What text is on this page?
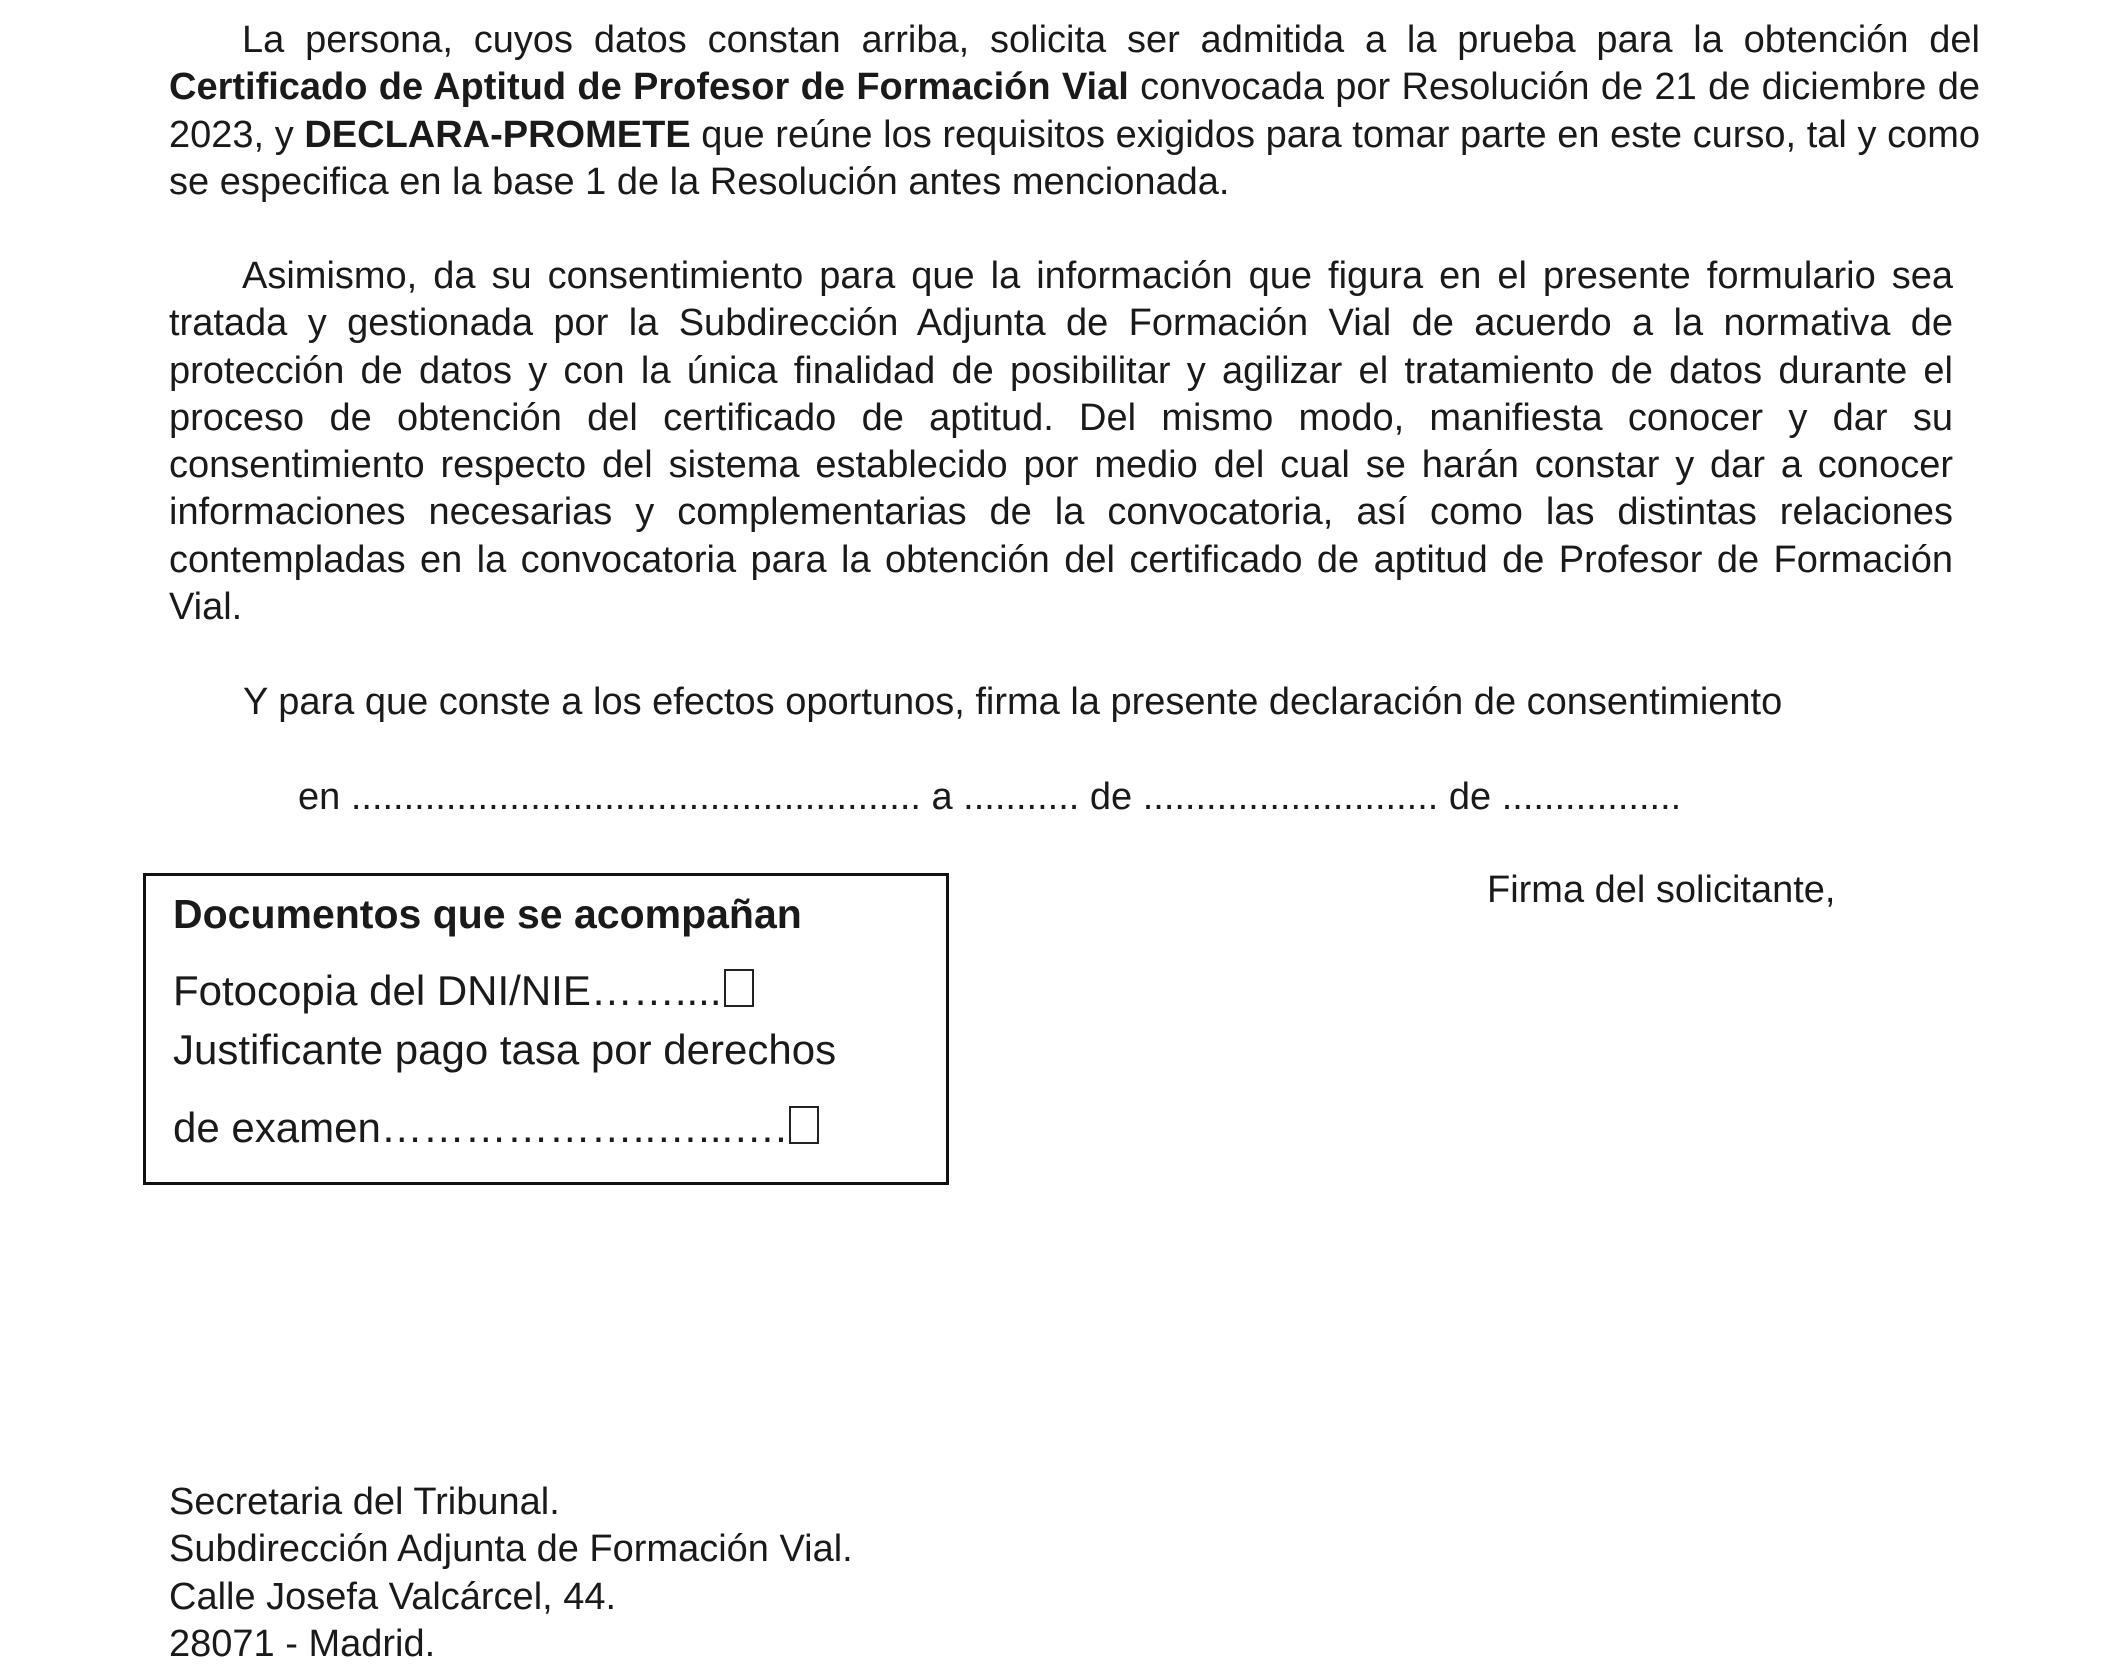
La persona, cuyos datos constan arriba, solicita ser admitida a la prueba para la obtención del Certificado de Aptitud de Profesor de Formación Vial convocada por Resolución de 21 de diciembre de 2023, y DECLARA-PROMETE que reúne los requisitos exigidos para tomar parte en este curso, tal y como se especifica en la base 1 de la Resolución antes mencionada.

Asimismo, da su consentimiento para que la información que figura en el presente formulario sea tratada y gestionada por la Subdirección Adjunta de Formación Vial de acuerdo a la normativa de protección de datos y con la única finalidad de posibilitar y agilizar el tratamiento de datos durante el proceso de obtención del certificado de aptitud. Del mismo modo, manifiesta conocer y dar su consentimiento respecto del sistema establecido por medio del cual se harán constar y dar a conocer informaciones necesarias y complementarias de la convocatoria, así como las distintas relaciones contempladas en la convocatoria para la obtención del certificado de aptitud de Profesor de Formación Vial.

Y para que conste a los efectos oportunos, firma la presente declaración de consentimiento

en ...................................................... a ........... de ............................ de .................
Documentos que se acompañan
Fotocopia del DNI/NIE……....
Justificante pago tasa por derechos
de examen………………..…...….
Firma del solicitante,
Secretaria del Tribunal.
Subdirección Adjunta de Formación Vial.
Calle Josefa Valcárcel, 44.
28071 - Madrid.
